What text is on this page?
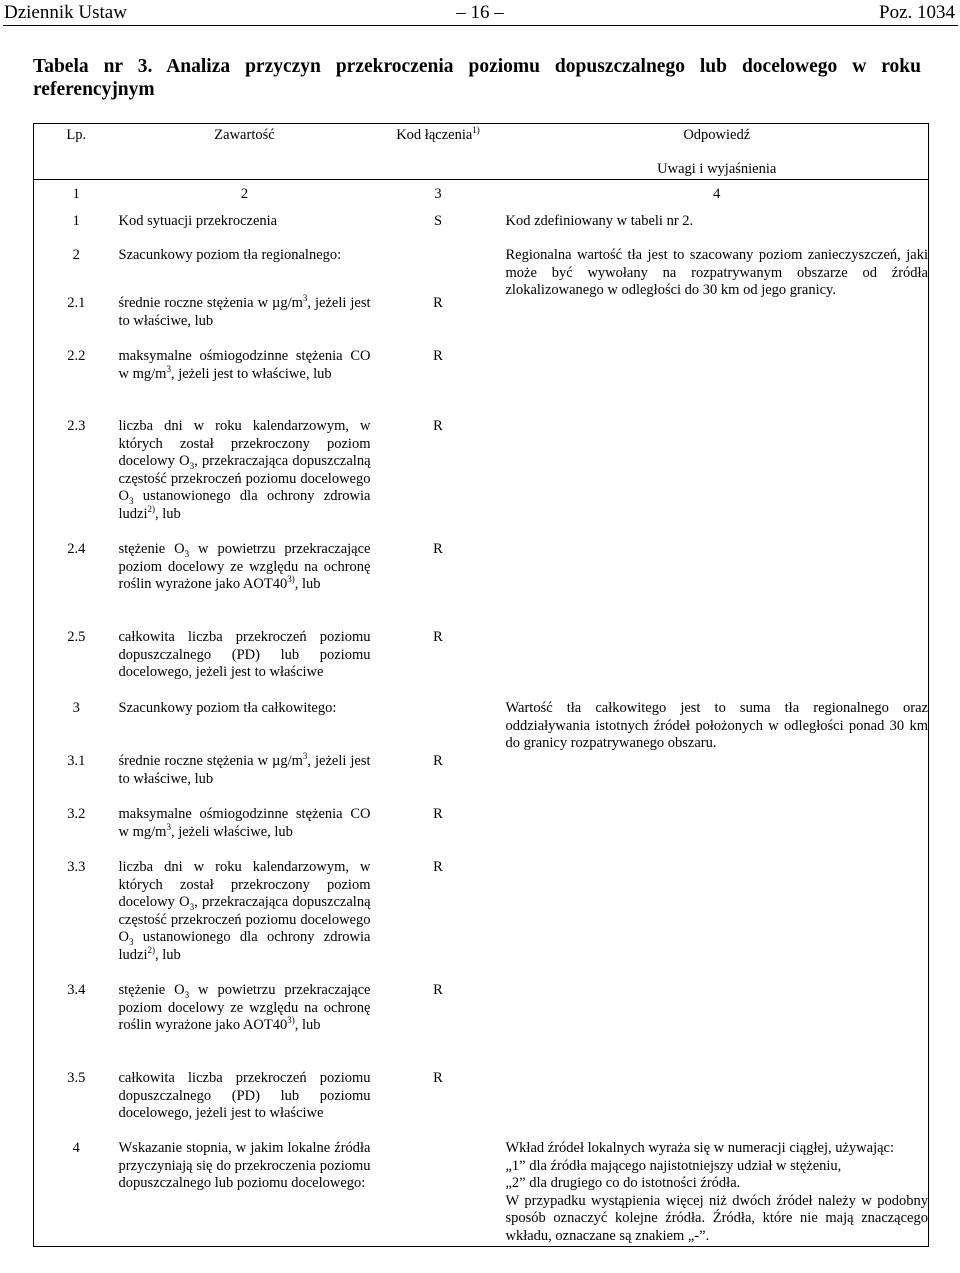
Dziennik Ustaw	– 16 –	Poz. 1034
Tabela nr 3. Analiza przyczyn przekroczenia poziomu dopuszczalnego lub docelowego w roku referencyjnym
Lp.	Zawartość	Kod łączenia$^{1)}$	Odpowiedź
Uwagi i wyjaśnienia

1	2	3	4
1	Kod sytuacji przekroczenia	S	Kod zdefiniowany w tabeli nr 2.
2	Szacunkowy poziom tła regionalnego:		Regionalna wartość tła jest to szacowany poziom zanieczyszczeń, jaki może być wywołany na rozpatrywanym obszarze od źródła zlokalizowanego w odległości do 30 km od jego granicy.
2.1	średnie roczne stężenia w $\mu g/m^3$, jeżeli jest to właściwe, lub	R	
2.2	maksymalne ośmiogodzinne stężenia CO w $mg/m^3$, jeżeli jest to właściwe, lub	R	
2.3	liczba dni w roku kalendarzowym, w których został przekroczony poziom docelowy $O_3$, przekraczająca dopuszczalną częstość przekroczeń poziomu docelowego $O_3$ ustanowionego dla ochrony zdrowia ludzi$^{2)}$, lub	R	
2.4	stężenie $O_3$ w powietrzu przekraczające poziom docelowy ze względu na ochronę roślin wyrażone jako AOT40$^{3)}$, lub	R	
2.5	całkowita liczba przekroczeń poziomu dopuszczalnego (PD) lub poziomu docelowego, jeżeli jest to właściwe	R	
3	Szacunkowy poziom tła całkowitego:		Wartość tła całkowitego jest to suma tła regionalnego oraz oddziaływania istotnych źródeł położonych w odległości ponad 30 km do granicy rozpatrywanego obszaru.
3.1	średnie roczne stężenia w $\mu g/m^3$, jeżeli jest to właściwe, lub	R	
3.2	maksymalne ośmiogodzinne stężenia CO w $mg/m^3$, jeżeli właściwe, lub	R	
3.3	liczba dni w roku kalendarzowym, w których został przekroczony poziom docelowy $O_3$, przekraczająca dopuszczalną częstość przekroczeń poziomu docelowego $O_3$ ustanowionego dla ochrony zdrowia ludzi$^{2)}$, lub	R	
3.4	stężenie $O_3$ w powietrzu przekraczające poziom docelowy ze względu na ochronę roślin wyrażone jako AOT40$^{3)}$, lub	R	
3.5	całkowita liczba przekroczeń poziomu dopuszczalnego (PD) lub poziomu docelowego, jeżeli jest to właściwe	R	
4	Wskazanie stopnia, w jakim lokalne źródła przyczyniają się do przekroczenia poziomu dopuszczalnego lub poziomu docelowego:		Wkład źródeł lokalnych wyraża się w numeracji ciągłej, używając:
„1” dla źródła mającego najistotniejszy udział w stężeniu,
„2” dla drugiego co do istotności źródła.
W przypadku wystąpienia więcej niż dwóch źródeł należy w podobny sposób oznaczyć kolejne źródła. Źródła, które nie mają znaczącego wkładu, oznaczane są znakiem „-”.
